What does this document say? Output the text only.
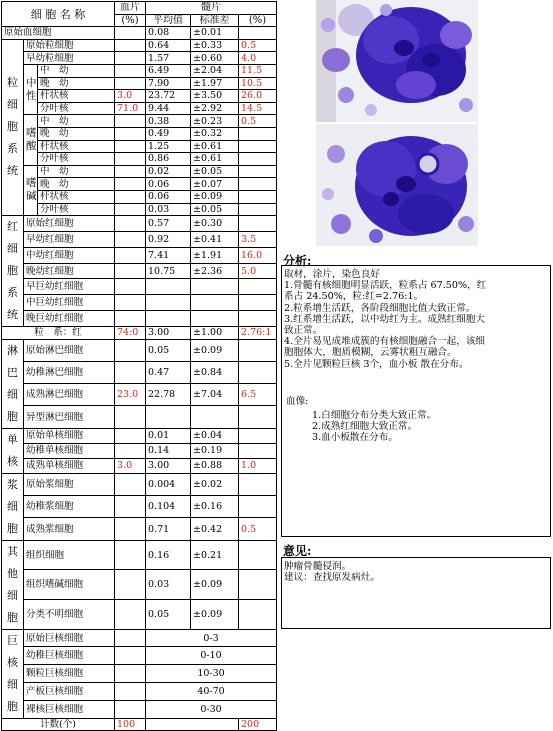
细 胞 名 称			血片	髓片		
			(%)	平均值	标准差	(%)
原始血细胞				0.08	±0.01	

粒
细
胞
系
统	原始粒细胞			0.64	±0.33	0.5
	早幼粒细胞			1.57	±0.60	4.0

	中
性	中　幼		6.49	±2.04	11.5
		晚　幼		7.90	±1.97	10.5
		杆状核	3.0	23.72	±3.50	26.0
		分叶核	71.0	9.44	±2.92	14.5

	嗜
酸	中　幼		0.38	±0.23	0.5
		晚　幼		0.49	±0.32	
		杆状核		1.25	±0.61	
		分叶核		0.86	±0.61	

	嗜
碱	中　幼		0.02	±0.05	
		晚　幼		0.06	±0.07	
		杆状核		0.06	±0.09	
		分叶核		0.03	±0.05	

红
细
胞
系
统	原始红细胞			0.57	±0.30	
	早幼红细胞			0.92	±0.41	3.5
	中幼红细胞			7.41	±1.91	16.0
	晚幼红细胞			10.75	±2.36	5.0
	早巨幼红细胞					
	中巨幼红细胞					
	晚巨幼红细胞					
粒　系：红			74:0	3.00	±1.00	2.76:1

淋
巴
细
胞	原始淋巴细胞			0.05	±0.09	
	幼稚淋巴细胞			0.47	±0.84	
	成熟淋巴细胞		23.0	22.78	±7.04	6.5
	异型淋巴细胞					

单
核	原始单核细胞			0.01	±0.04	
	幼稚单核细胞			0.14	±0.19	
	成熟单核细胞		3.0	3.00	±0.88	1.0

浆
细
胞	原始浆细胞			0.004	±0.02	
	幼稚浆细胞			0.104	±0.16	
	成熟浆细胞			0.71	±0.42	0.5

其
他
细
胞	组织细胞			0.16	±0.21	
	组织嗜碱细胞			0.03	±0.09	
	分类不明细胞			0.05	±0.09	

巨
核
细
胞	原始巨核细胞			0-3		
	幼稚巨核细胞			0-10		
	颗粒巨核细胞			10-30		
	产板巨核细胞			40-70		
	裸核巨核细胞			0-30		
计数(个)			100			200
分析:
取材，涂片，染色良好
1.骨髓有核细胞明显活跃，粒系占 67.50%，红
系占 24.50%，粒:红=2.76:1。
2.粒系增生活跃，各阶段细胞比值大致正常。
3.红系增生活跃，以中幼红为主。成熟红细胞大
致正常。
4.全片易见成堆成簇的有核细胞融合一起，该细
胞胞体大，胞质模糊，云雾状粗互融合。
5.全片见颗粒巨核 3个，血小板 散在分布。
血像:
1.白细胞分布分类大致正常。
2.成熟红细胞大致正常。
3.血小板散在分布。
意见:
肿瘤骨髓侵润。
建议：查找原发病灶。
